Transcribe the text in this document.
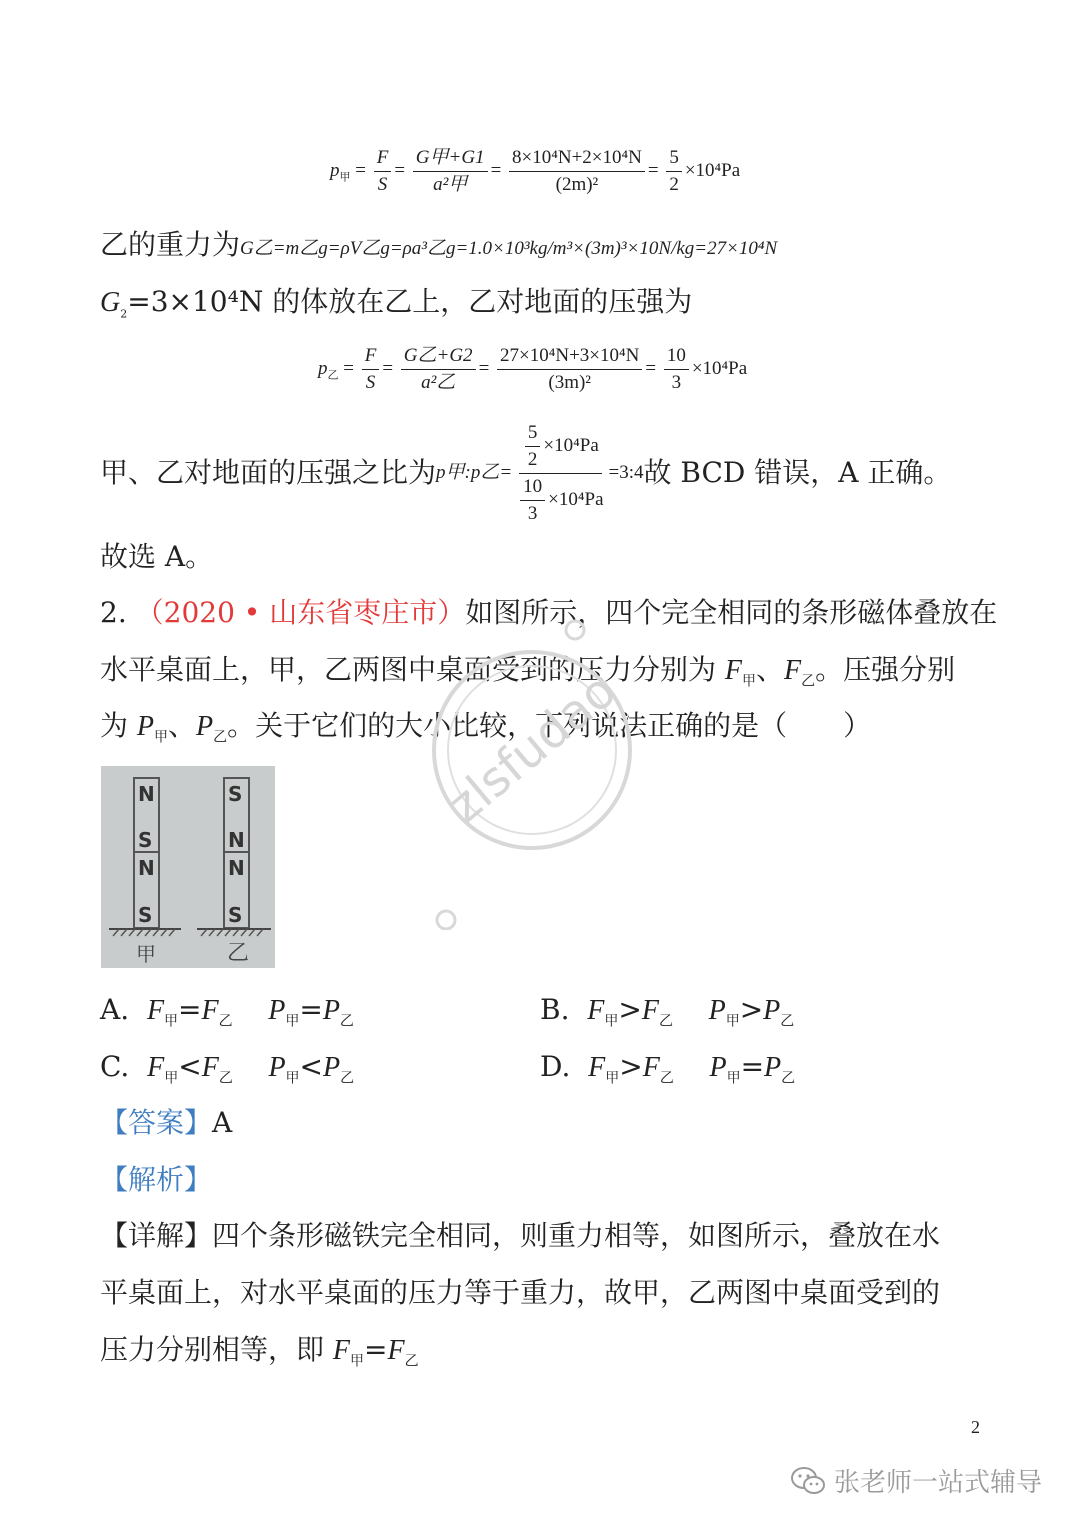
$p_甲 = \frac{F}{S} = \frac{\text{G甲+G1}}{\text{a²甲}} = \frac{\text{8×10⁴N+2×10⁴N}}{\text{(2m)²}} = \frac{5}{2} \times 10^4Pa$
乙的重力为G乙=m乙g=ρV乙g=ρa³乙g=1.0×10³kg/m³×(3m)³×10N/kg=27×10⁴N
$G_2=3\times 10^4N$ 的体放在乙上，乙对地面的压强为
$p_乙 = \frac{F}{S} = \frac{\text{G乙+G2}}{\text{a²乙}} = \frac{\text{27×10⁴N+3×10⁴N}}{\text{(3m)²}} = \frac{10}{3} \times 10^4Pa$
甲、乙对地面的压强之比为 p甲:p乙= $\frac{\frac{5}{2} \times 10^4Pa}{\frac{10}{3} \times 10^4Pa}$ =3:4 故 BCD 错误，A 正确。
故选 A。
2. （2020 • 山东省枣庄市）如图所示，四个完全相同的条形磁体叠放在
水平桌面上，甲，乙两图中桌面受到的压力分别为 $F_甲$、$F_乙$。压强分别
为 $P_甲$、$P_乙$。关于它们的大小比较，下列说法正确的是（　　）
N
S
N
S
S
N
N
S
甲	乙
zlsfudao
A. $F_甲=F_乙$ $P_甲=P_乙$	B. $F_甲>F_乙$ $P_甲>P_乙$
C. $F_甲<F_乙$ $P_甲<P_乙$	D. $F_甲>F_乙$ $P_甲=P_乙$
【答案】A
【解析】
【详解】四个条形磁铁完全相同，则重力相等，如图所示，叠放在水
平桌面上，对水平桌面的压力等于重力，故甲，乙两图中桌面受到的
压力分别相等，即 $F_甲=F_乙$
2
张老师一站式辅导
